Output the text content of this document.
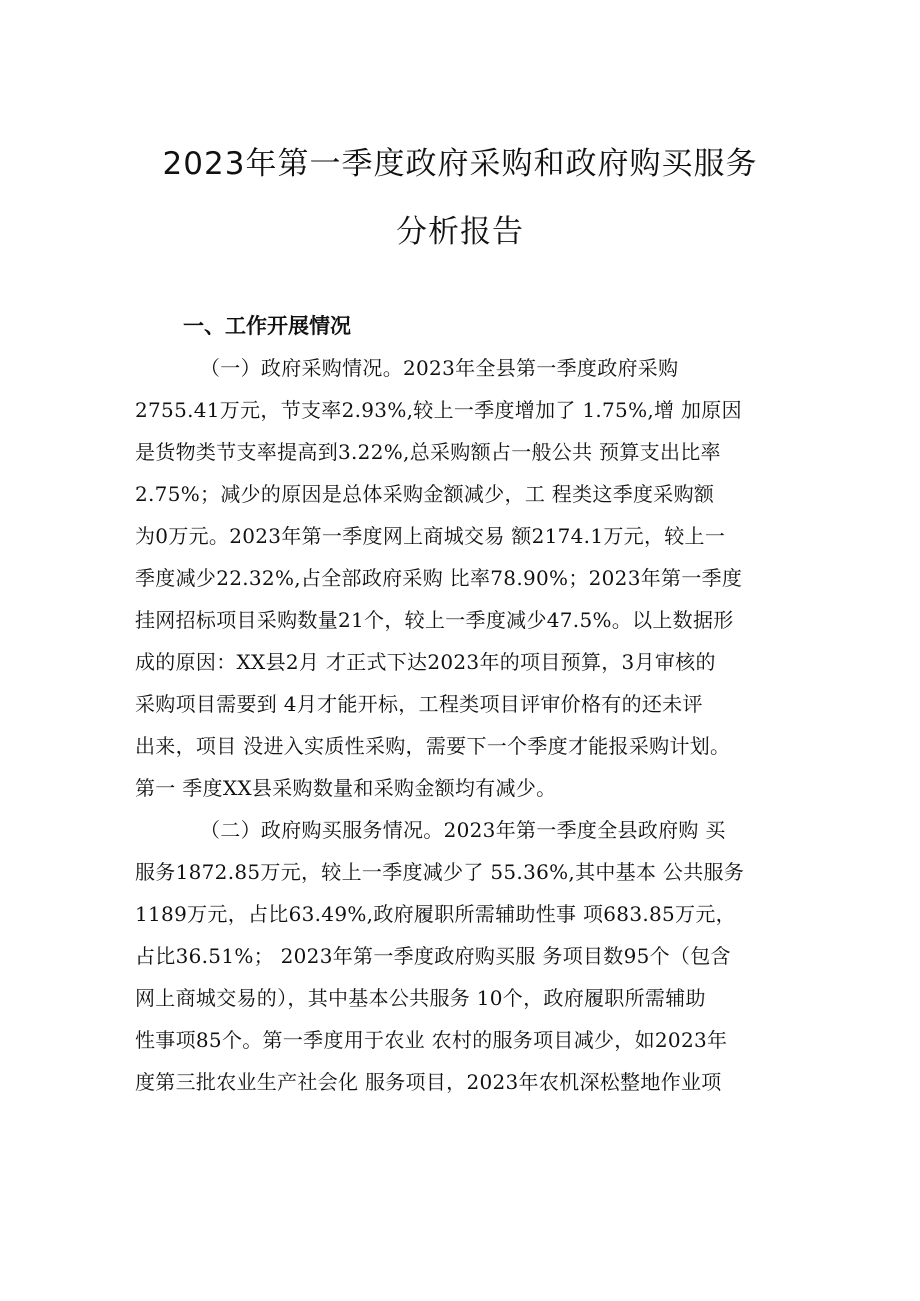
2023年第一季度政府采购和政府购买服务
分析报告
一、工作开展情况
（一）政府采购情况。2023年全县第一季度政府采购
2755.41万元，节支率2.93%,较上一季度增加了 1.75%,增 加原因
是货物类节支率提高到3.22%,总采购额占一般公共 预算支出比率
2.75%；减少的原因是总体采购金额减少，工 程类这季度采购额
为0万元。2023年第一季度网上商城交易 额2174.1万元，较上一
季度减少22.32%,占全部政府采购 比率78.90%；2023年第一季度
挂网招标项目采购数量21个，较上一季度减少47.5%。以上数据形
成的原因：XX县2月 才正式下达2023年的项目预算，3月审核的
采购项目需要到 4月才能开标，工程类项目评审价格有的还未评
出来，项目 没进入实质性采购，需要下一个季度才能报采购计划。
第一 季度XX县采购数量和采购金额均有减少。
（二）政府购买服务情况。2023年第一季度全县政府购 买
服务1872.85万元，较上一季度减少了 55.36%,其中基本 公共服务
1189万元，占比63.49%,政府履职所需辅助性事 项683.85万元，
占比36.51%； 2023年第一季度政府购买服 务项目数95个（包含
网上商城交易的），其中基本公共服务 10个，政府履职所需辅助
性事项85个。第一季度用于农业 农村的服务项目减少，如2023年
度第三批农业生产社会化 服务项目，2023年农机深松整地作业项
